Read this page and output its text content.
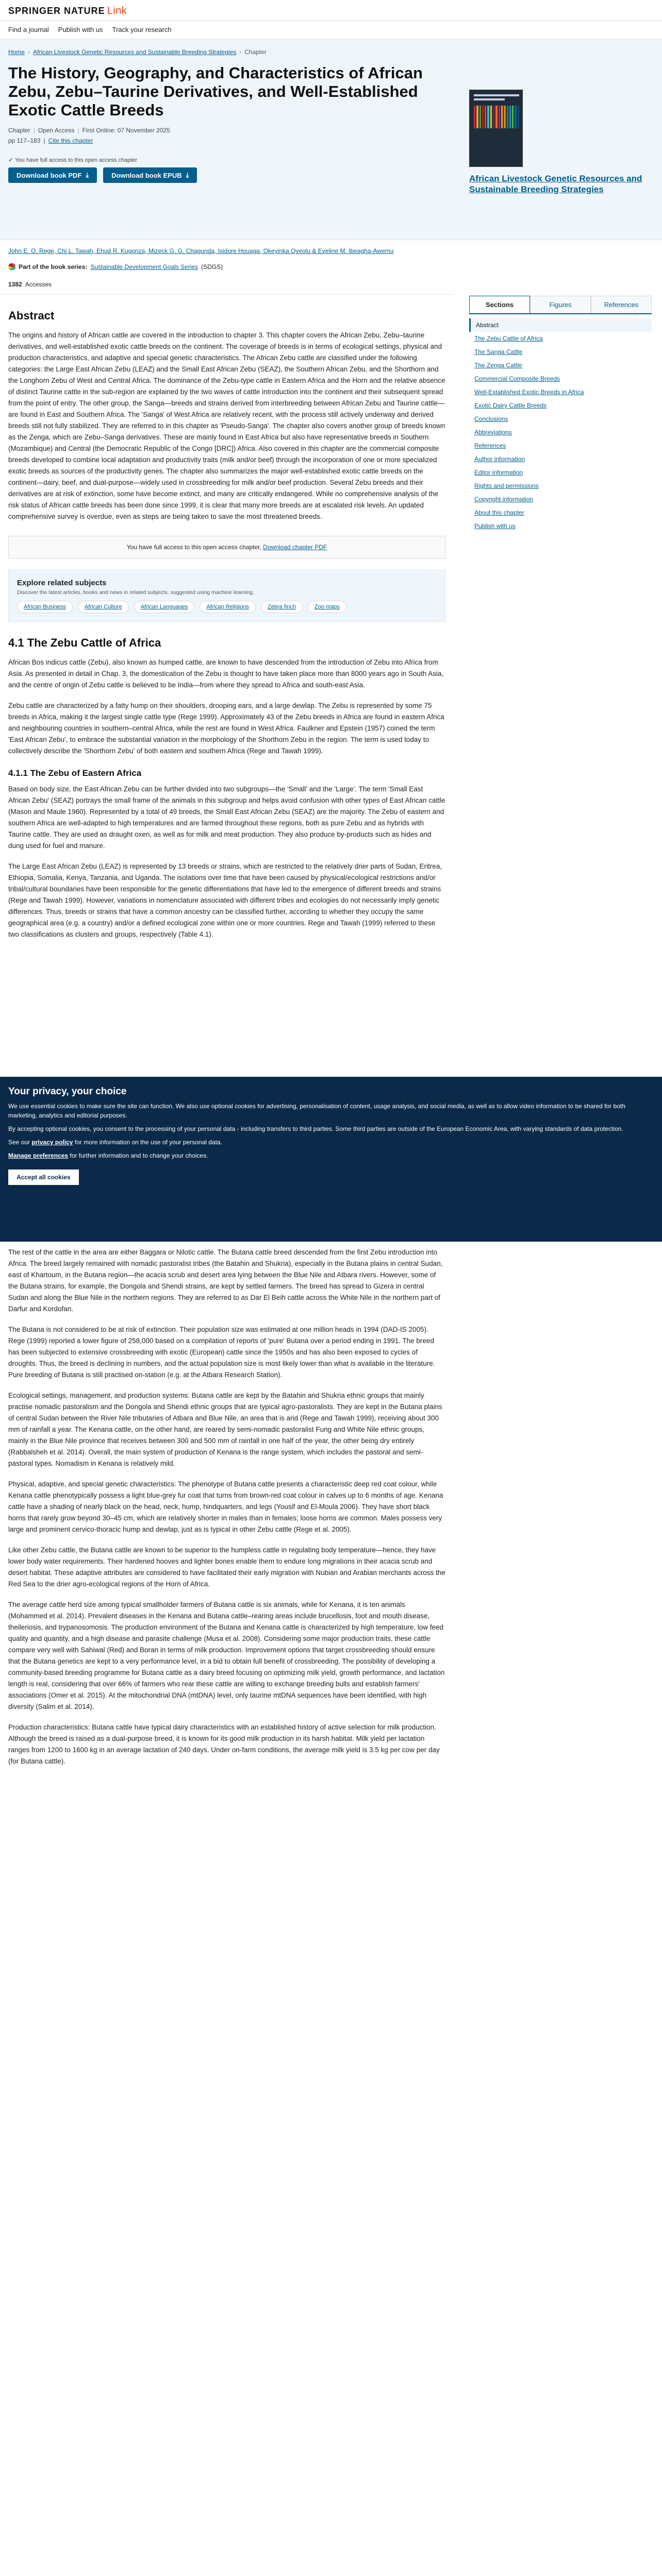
SPRINGER NATURE Link
Find a journal Publish with us Track your research
Home › African Livestock Genetic Resources and Sustainable Breeding Strategies › Chapter
The History, Geography, and Characteristics of African Zebu, Zebu–Taurine Derivatives, and Well-Established Exotic Cattle Breeds
Chapter | Open Access | First Online: 07 November 2025
pp 117–183 | Cite this chapter
✓ You have full access to this open access chapter
Download book PDF ⤓	Download book EPUB ⤓	African Livestock Genetic Resources and Sustainable Breeding Strategies
John E. O. Rege, Chi L. Tawah, Ehud R. Kugonza, Mizeck G. G. Chagunda, Isidore Houaga, Okeyinka Oyeolu & Eveline M. Ibeagha-Awemu
Part of the book series: Sustainable Development Goals Series (SDGS)
1382 Accesses
Sections	Figures	References
Abstract
The Zebu Cattle of Africa
The Sanga Cattle
The Zenga Cattle
Commercial Composite Breeds
Well-Established Exotic Breeds in Africa
Exotic Dairy Cattle Breeds
Conclusions
Abbreviations
References
Author information
Editor information
Rights and permissions
Copyright information
About this chapter
Publish with us
Abstract

The origins and history of African cattle are covered in the introduction to chapter 3. This chapter covers the African Zebu, Zebu–taurine derivatives, and well-established exotic cattle breeds on the continent. The coverage of breeds is in terms of ecological settings, physical and production characteristics, and adaptive and special genetic characteristics. The African Zebu cattle are classified under the following categories: the Large East African Zebu (LEAZ) and the Small East African Zebu (SEAZ), the Southern African Zebu, and the Shorthorn and the Longhorn Zebu of West and Central Africa. The dominance of the Zebu-type cattle in Eastern Africa and the Horn and the relative absence of distinct Taurine cattle in the sub-region are explained by the two waves of cattle introduction into the continent and their subsequent spread from the point of entry. The other group, the Sanga—breeds and strains derived from interbreeding between African Zebu and Taurine cattle—are found in East and Southern Africa. The 'Sanga' of West Africa are relatively recent, with the process still actively underway and derived breeds still not fully stabilized. They are referred to in this chapter as 'Pseudo-Sanga'. The chapter also covers another group of breeds known as the Zenga, which are Zebu–Sanga derivatives. These are mainly found in East Africa but also have representative breeds in Southern (Mozambique) and Central (the Democratic Republic of the Congo [DRC]) Africa. Also covered in this chapter are the commercial composite breeds developed to combine local adaptation and productivity traits (milk and/or beef) through the incorporation of one or more specialized exotic breeds as sources of the productivity genes. The chapter also summarizes the major well-established exotic cattle breeds on the continent—dairy, beef, and dual-purpose—widely used in crossbreeding for milk and/or beef production. Several Zebu breeds and their derivatives are at risk of extinction, some have become extinct, and many are critically endangered. While no comprehensive analysis of the risk status of African cattle breeds has been done since 1999, it is clear that many more breeds are at escalated risk levels. An updated comprehensive survey is overdue, even as steps are being taken to save the most threatened breeds.

You have full access to this open access chapter, Download chapter PDF
Explore related subjects
Discover the latest articles, books and news in related subjects, suggested using machine learning.
African Business	African Culture	African Languages	African Religions	Zebra finch	Zoo maps
4.1 The Zebu Cattle of Africa

African Bos indicus cattle (Zebu), also known as humped cattle, are known to have descended from the introduction of Zebu into Africa from Asia. As presented in detail in Chap. 3, the domestication of the Zebu is thought to have taken place more than 8000 years ago in South Asia, and the centre of origin of Zebu cattle is believed to be India—from where they spread to Africa and south-east Asia.

Zebu cattle are characterized by a fatty hump on their shoulders, drooping ears, and a large dewlap. The Zebu is represented by some 75 breeds in Africa, making it the largest single cattle type (Rege 1999). Approximately 43 of the Zebu breeds in Africa are found in eastern Africa and neighbouring countries in southern–central Africa, while the rest are found in West Africa. Faulkner and Epstein (1957) coined the term 'East African Zebu', to embrace the substantial variation in the morphology of the Shorthorn Zebu in the region. The term is used today to collectively describe the 'Shorthorn Zebu' of both eastern and southern Africa (Rege and Tawah 1999).

4.1.1 The Zebu of Eastern Africa

Based on body size, the East African Zebu can be further divided into two subgroups—the 'Small' and the 'Large'. The term 'Small East African Zebu' (SEAZ) portrays the small frame of the animals in this subgroup and helps avoid confusion with other types of East African cattle (Mason and Maule 1960). Represented by a total of 49 breeds, the Small East African Zebu (SEAZ) are the majority. The Zebu of eastern and southern Africa are well-adapted to high temperatures and are farmed throughout these regions, both as pure Zebu and as hybrids with Taurine cattle. They are used as draught oxen, as well as for milk and meat production. They also produce by-products such as hides and dung used for fuel and manure.

The Large East African Zebu (LEAZ) is represented by 13 breeds or strains, which are restricted to the relatively drier parts of Sudan, Eritrea, Ethiopia, Somalia, Kenya, Tanzania, and Uganda. The isolations over time that have been caused by physical/ecological restrictions and/or tribal/cultural boundaries have been responsible for the genetic differentiations that have led to the emergence of different breeds and strains (Rege and Tawah 1999). However, variations in nomenclature associated with different tribes and ecologies do not necessarily imply genetic differences. Thus, breeds or strains that have a common ancestry can be classified further, according to whether they occupy the same geographical area (e.g. a country) and/or a defined ecological zone within one or more countries. Rege and Tawah (1999) referred to these two classifications as clusters and groups, respectively (Table 4.1).

Your privacy, your choice

We use essential cookies to make sure the site can function. We also use optional cookies for advertising, personalisation of content, usage analysis, and social media, as well as to allow video information to be shared for both marketing, analytics and editorial purposes.

By accepting optional cookies, you consent to the processing of your personal data - including transfers to third parties. Some third parties are outside of the European Economic Area, with varying standards of data protection.

See our privacy policy for more information on the use of your personal data.

Manage preferences for further information and to change your choices.

Accept all cookies

The rest of the cattle in the area are either Baggara or Nilotic cattle. The Butana cattle breed descended from the first Zebu introduction into Africa. The breed largely remained with nomadic pastoralist tribes (the Batahin and Shukria), especially in the Butana plains in central Sudan, east of Khartoum, in the Butana region—the acacia scrub and desert area lying between the Blue Nile and Atbara rivers. However, some of the Butana strains, for example, the Dongola and Shendi strains, are kept by settled farmers. The breed has spread to Gizera in central Sudan and along the Blue Nile in the northern regions. They are referred to as Dar El Beih cattle across the White Nile in the northern part of Darfur and Kordofan.

The Butana is not considered to be at risk of extinction. Their population size was estimated at one million heads in 1994 (DAD-IS 2005). Rege (1999) reported a lower figure of 258,000 based on a compilation of reports of 'pure' Butana over a period ending in 1991. The breed has been subjected to extensive crossbreeding with exotic (European) cattle since the 1950s and has also been exposed to cycles of droughts. Thus, the breed is declining in numbers, and the actual population size is most likely lower than what is available in the literature. Pure breeding of Butana is still practised on-station (e.g. at the Atbara Research Station).

Ecological settings, management, and production systems: Butana cattle are kept by the Batahin and Shukria ethnic groups that mainly practise nomadic pastoralism and the Dongola and Shendi ethnic groups that are typical agro-pastoralists. They are kept in the Butana plains of central Sudan between the River Nile tributaries of Atbara and Blue Nile, an area that is arid (Rege and Tawah 1999), receiving about 300 mm of rainfall a year. The Kenana cattle, on the other hand, are reared by semi-nomadic pastoralist Fung and White Nile ethnic groups, mainly in the Blue Nile province that receives between 300 and 500 mm of rainfall in one half of the year, the other being dry entirely (Rabbalsheh et al. 2014). Overall, the main system of production of Kenana is the range system, which includes the pastoral and semi-pastoral types. Nomadism in Kenana is relatively mild.

Physical, adaptive, and special genetic characteristics: The phenotype of Butana cattle presents a characteristic deep red coat colour, while Kenana cattle phenotypically possess a light blue-grey fur coat that turns from brown-red coat colour in calves up to 6 months of age. Kenana cattle have a shading of nearly black on the head, neck, hump, hindquarters, and legs (Yousif and El-Moula 2006). They have short black horns that rarely grow beyond 30–45 cm, which are relatively shorter in males than in females; loose horns are common. Males possess very large and prominent cervico-thoracic hump and dewlap, just as is typical in other Zebu cattle (Rege et al. 2005).

Like other Zebu cattle, the Butana cattle are known to be superior to the humpless cattle in regulating body temperature—hence, they have lower body water requirements. Their hardened hooves and lighter bones enable them to endure long migrations in their acacia scrub and desert habitat. These adaptive attributes are considered to have facilitated their early migration with Nubian and Arabian merchants across the Red Sea to the drier agro-ecological regions of the Horn of Africa.

The average cattle herd size among typical smallholder farmers of Butana cattle is six animals, while for Kenana, it is ten animals (Mohammed et al. 2014). Prevalent diseases in the Kenana and Butana cattle–rearing areas include brucellosis, foot and mouth disease, theileriosis, and trypanosomosis. The production environment of the Butana and Kenana cattle is characterized by high temperature, low feed quality and quantity, and a high disease and parasite challenge (Musa et al. 2008). Considering some major production traits, these cattle compare very well with Sahiwal (Red) and Boran in terms of milk production. Improvement options that target crossbreeding should ensure that the Butana genetics are kept to a very performance level, in a bid to obtain full benefit of crossbreeding. The possibility of developing a community-based breeding programme for Butana cattle as a dairy breed focusing on optimizing milk yield, growth performance, and lactation length is real, considering that over 66% of farmers who rear these cattle are willing to exchange breeding bulls and establish farmers' associations (Omer et al. 2015). At the mitochondrial DNA (mtDNA) level, only taurine mtDNA sequences have been identified, with high diversity (Salim et al. 2014).

Production characteristics: Butana cattle have typical dairy characteristics with an established history of active selection for milk production. Although the breed is raised as a dual-purpose breed, it is known for its good milk production in its harsh habitat. Milk yield per lactation ranges from 1200 to 1600 kg in an average lactation of 240 days. Under on-farm conditions, the average milk yield is 3.5 kg per cow per day (for Butana cattle).
